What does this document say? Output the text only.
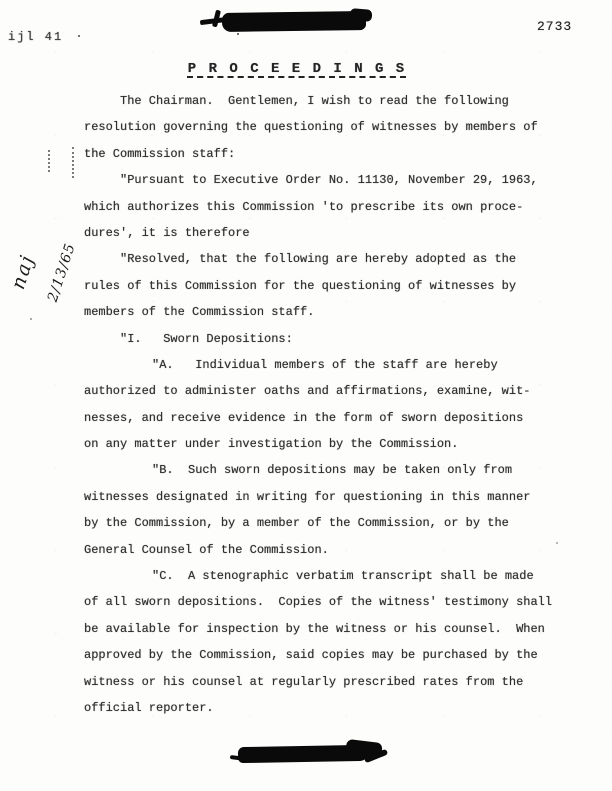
2733
ijl 41
P R O C E E D I N G S
naj 2/13/65
The Chairman.  Gentlemen, I wish to read the following
resolution governing the questioning of witnesses by members of
the Commission staff:
"Pursuant to Executive Order No. 11130, November 29, 1963,
which authorizes this Commission 'to prescribe its own proce-
dures', it is therefore
"Resolved, that the following are hereby adopted as the
rules of this Commission for the questioning of witnesses by
members of the Commission staff.
"I.   Sworn Depositions:
"A.   Individual members of the staff are hereby
authorized to administer oaths and affirmations, examine, wit-
nesses, and receive evidence in the form of sworn depositions
on any matter under investigation by the Commission.
"B.  Such sworn depositions may be taken only from
witnesses designated in writing for questioning in this manner
by the Commission, by a member of the Commission, or by the
General Counsel of the Commission.
"C.  A stenographic verbatim transcript shall be made
of all sworn depositions.  Copies of the witness' testimony shall
be available for inspection by the witness or his counsel.  When
approved by the Commission, said copies may be purchased by the
witness or his counsel at regularly prescribed rates from the
official reporter.
